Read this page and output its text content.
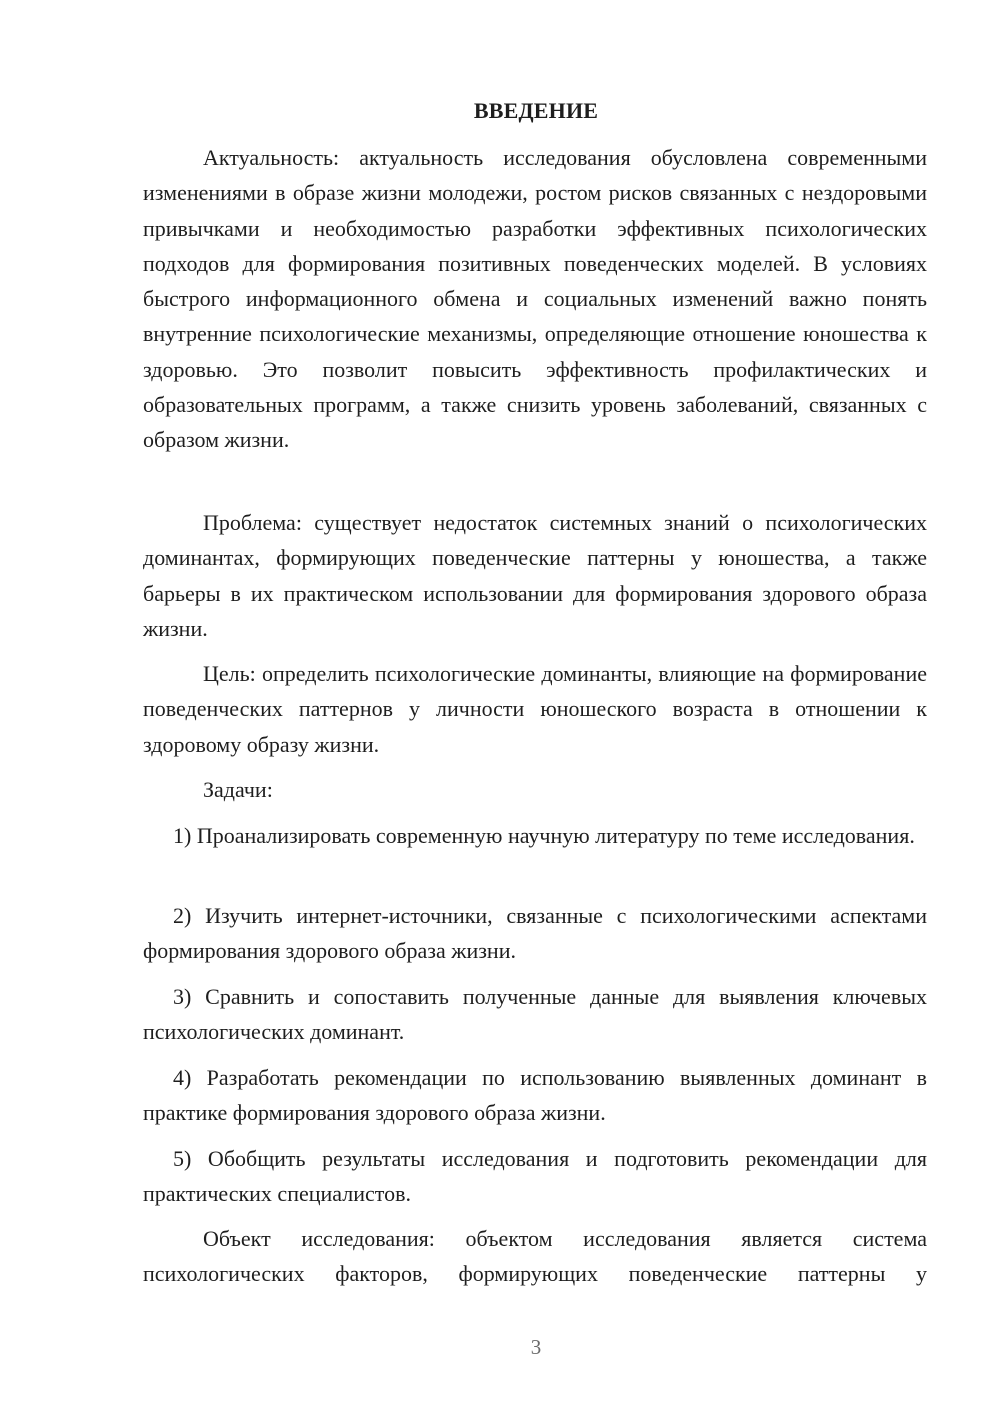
ВВЕДЕНИЕ

Актуальность: актуальность исследования обусловлена современными изменениями в образе жизни молодежи, ростом рисков связанных с нездоровыми привычками и необходимостью разработки эффективных психологических подходов для формирования позитивных поведенческих моделей. В условиях быстрого информационного обмена и социальных изменений важно понять внутренние психологические механизмы, определяющие отношение юношества к здоровью. Это позволит повысить эффективность профилактических и образовательных программ, а также снизить уровень заболеваний, связанных с образом жизни.

Проблема: существует недостаток системных знаний о психологических доминантах, формирующих поведенческие паттерны у юношества, а также барьеры в их практическом использовании для формирования здорового образа жизни.

Цель: определить психологические доминанты, влияющие на формирование поведенческих паттернов у личности юношеского возраста в отношении к здоровому образу жизни.

Задачи:

1) Проанализировать современную научную литературу по теме исследования.

2) Изучить интернет-источники, связанные с психологическими аспектами формирования здорового образа жизни.

3) Сравнить и сопоставить полученные данные для выявления ключевых психологических доминант.

4) Разработать рекомендации по использованию выявленных доминант в практике формирования здорового образа жизни.

5) Обобщить результаты исследования и подготовить рекомендации для практических специалистов.

Объект исследования: объектом исследования является система психологических факторов, формирующих поведенческие паттерны у

3
